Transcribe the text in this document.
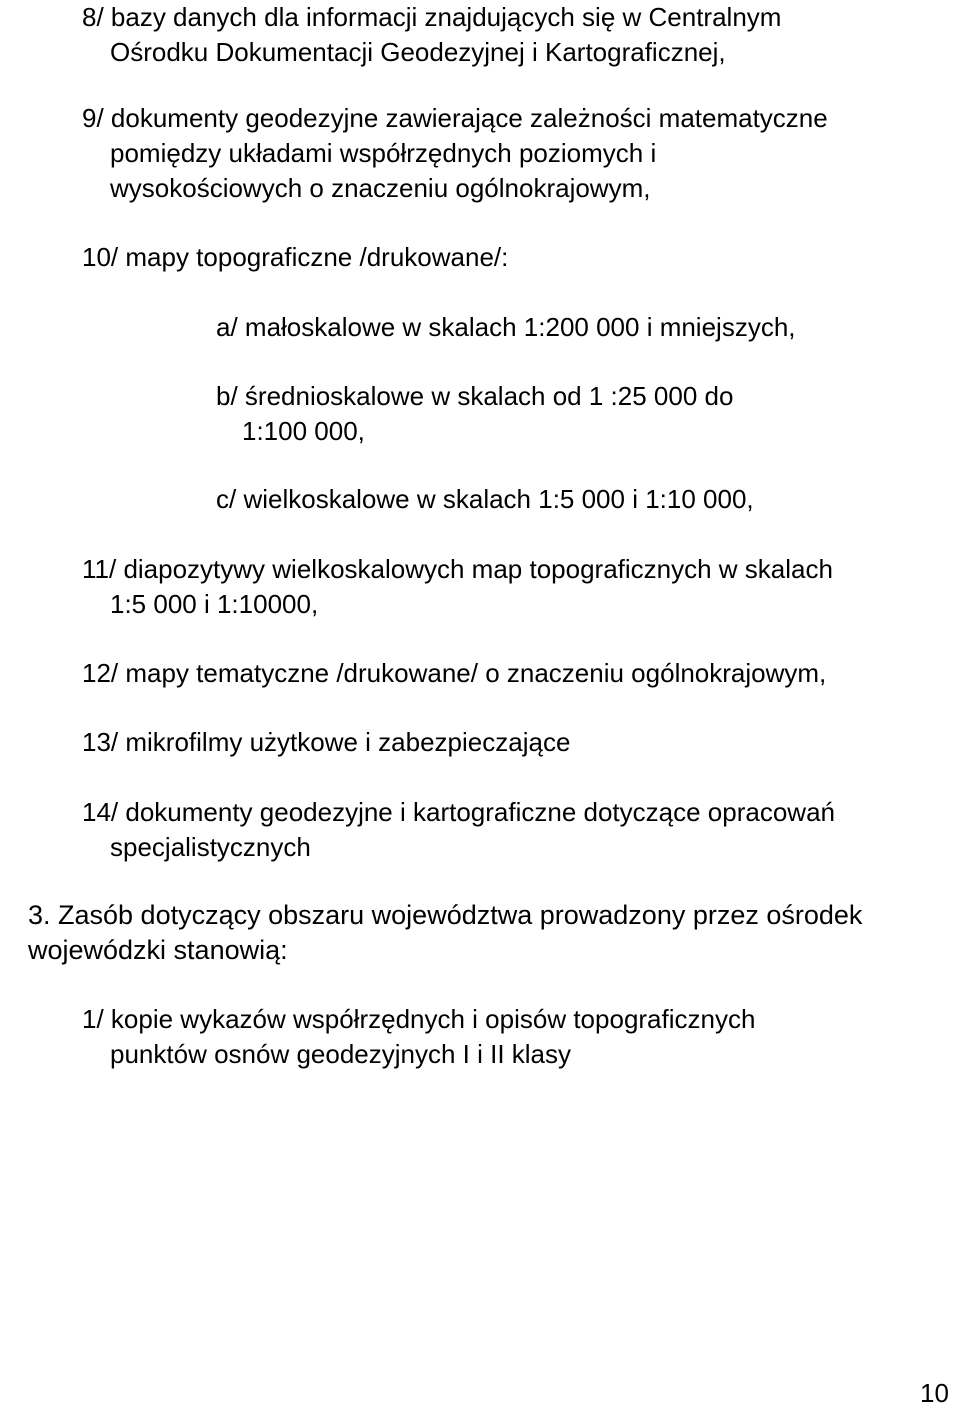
8/ bazy danych dla informacji znajdujących się w Centralnym
Ośrodku Dokumentacji Geodezyjnej i Kartograficznej,

9/ dokumenty geodezyjne zawierające zależności matematyczne
pomiędzy układami współrzędnych poziomych i
wysokościowych o znaczeniu ogólnokrajowym,

10/ mapy topograficzne /drukowane/:

a/ małoskalowe w skalach 1:200 000 i mniejszych,

b/ średnioskalowe w skalach od 1 :25 000 do
1:100 000,

c/ wielkoskalowe w skalach 1:5 000 i 1:10 000,

11/ diapozytywy wielkoskalowych map topograficznych w skalach
1:5 000 i 1:10000,

12/ mapy tematyczne /drukowane/ o znaczeniu ogólnokrajowym,

13/ mikrofilmy użytkowe i zabezpieczające

14/ dokumenty geodezyjne i kartograficzne dotyczące opracowań
specjalistycznych

3. Zasób dotyczący obszaru województwa prowadzony przez ośrodek
wojewódzki stanowią:

1/ kopie wykazów współrzędnych i opisów topograficznych
punktów osnów geodezyjnych I i II klasy

10
